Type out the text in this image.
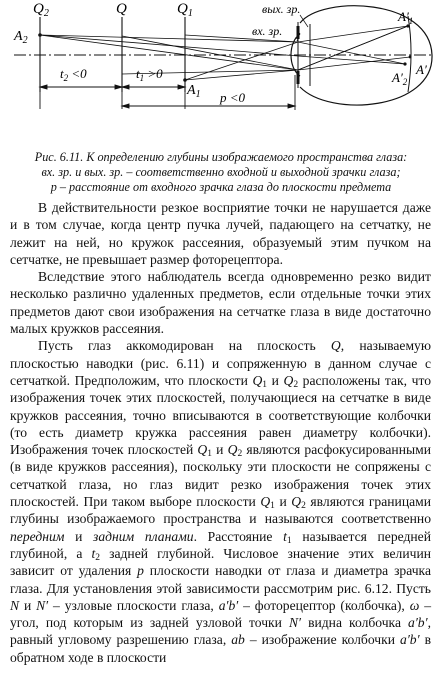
$Q_2$	Q	$Q_1$
$A_2$
$A_1$
$t_2 <0$	$t_1 >0$
p <0
вых. зр.
вх. зр.
$A'_1$
A′
$A'_2$
Рис. 6.11. К определению глубины изображаемого пространства глаза:
вх. зр. и вых. зр. – соответственно входной и выходной зрачки глаза;
p – расстояние от входного зрачка глаза до плоскости предмета

В действительности резкое восприятие точки не нарушается даже и в том случае, когда центр пучка лучей, падающего на сетчатку, не лежит на ней, но кружок рассеяния, образуемый этим пучком на сетчатке, не превышает размер фоторецептора.

Вследствие этого наблюдатель всегда одновременно резко видит несколько различно удаленных предметов, если отдельные точки этих предметов дают свои изображения на сетчатке глаза в виде достаточно малых кружков рассеяния.

Пусть глаз аккомодирован на плоскость Q, называемую плоскостью наводки (рис. 6.11) и сопряженную в данном случае с сетчаткой. Предположим, что плоскости $Q_1$ и $Q_2$ расположены так, что изображения точек этих плоскостей, получающиеся на сетчатке в виде кружков рассеяния, точно вписываются в соответствующие колбочки (то есть диаметр кружка рассеяния равен диаметру колбочки). Изображения точек плоскостей $Q_1$ и $Q_2$ являются расфокусированными (в виде кружков рассеяния), поскольку эти плоскости не сопряжены с сетчаткой глаза, но глаз видит резко изображения точек этих плоскостей. При таком выборе плоскости $Q_1$ и $Q_2$ являются границами глубины изображаемого пространства и называются соответственно передним и задним планами. Расстояние $t_1$ называется передней глубиной, а $t_2$ задней глубиной. Числовое значение этих величин зависит от удаления p плоскости наводки от глаза и диаметра зрачка глаза. Для установления этой зависимости рассмотрим рис. 6.12. Пусть N и N′ – узловые плоскости глаза, a′b′ – фоторецептор (колбочка), ω – угол, под которым из задней узловой точки N′ видна колбочка a′b′, равный угловому разрешению глаза, ab – изображение колбочки a′b′ в обратном ходе в плоскости
